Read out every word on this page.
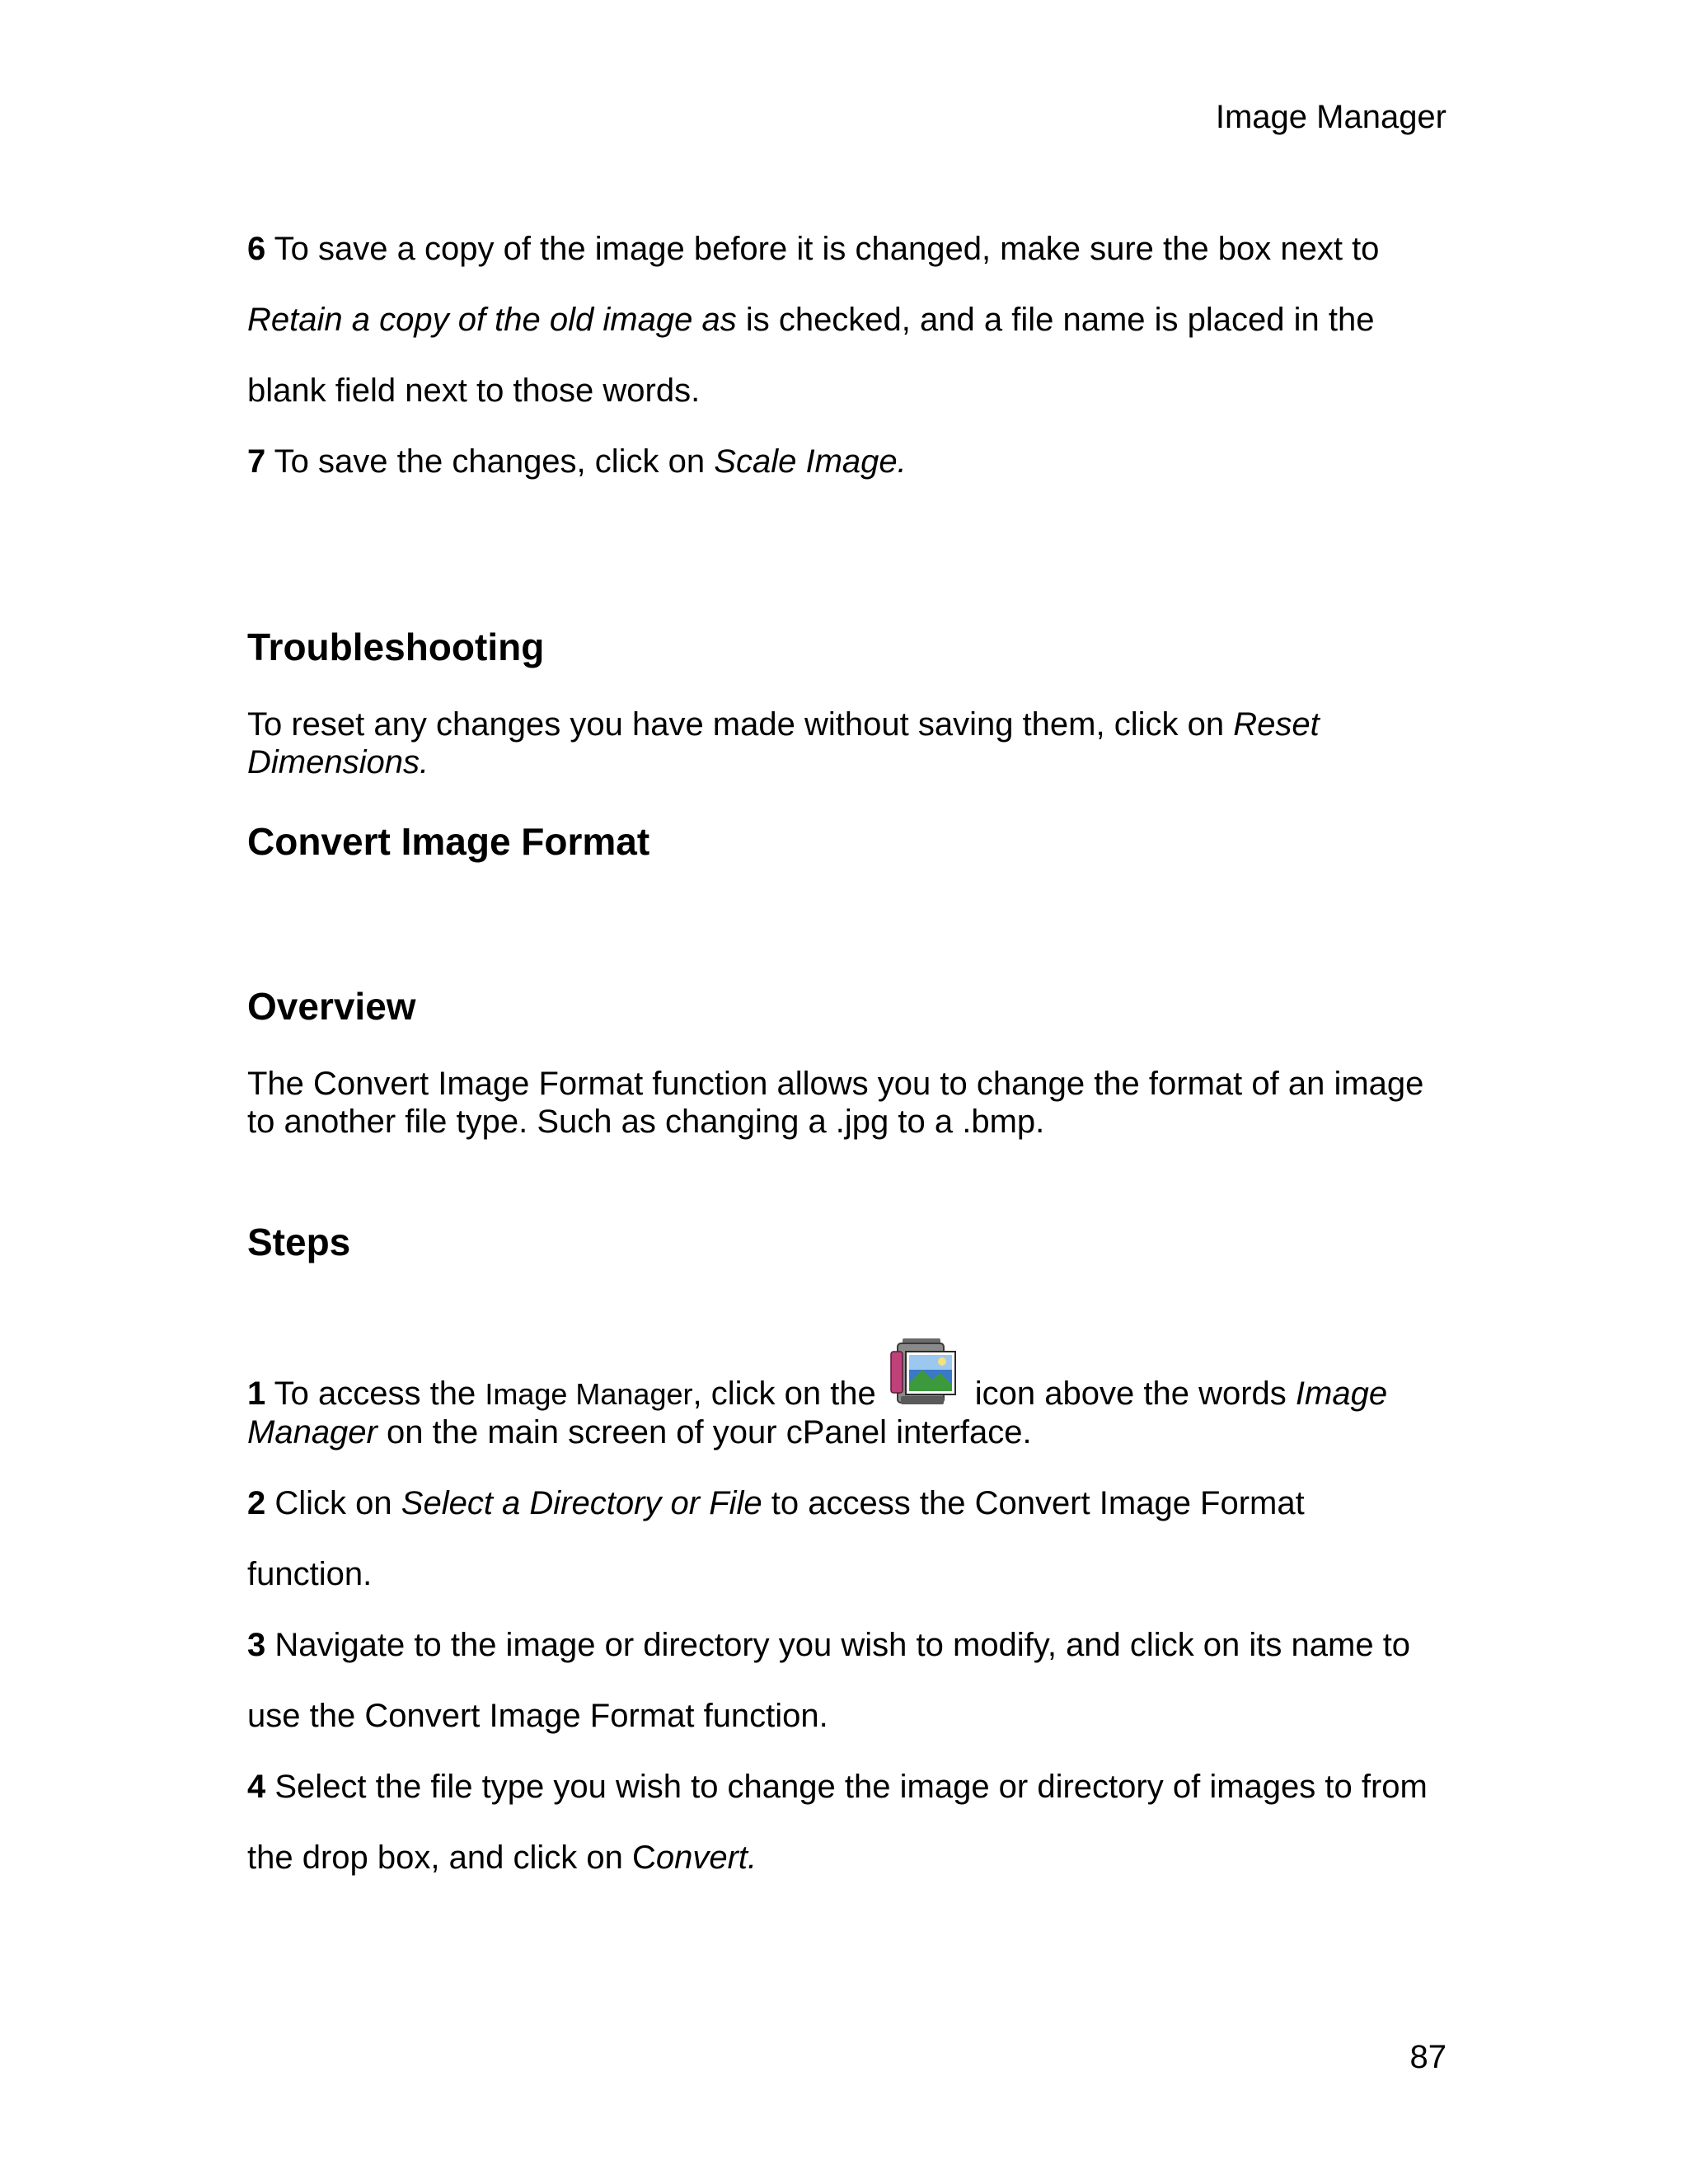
Image Manager
6 To save a copy of the image before it is changed, make sure the box next to
Retain a copy of the old image as is checked, and a file name is placed in the
blank field next to those words.
7 To save the changes, click on Scale Image.
Troubleshooting
To reset any changes you have made without saving them, click on Reset
Dimensions.
Convert Image Format
Overview
The Convert Image Format function allows you to change the format of an image
to another file type. Such as changing a .jpg to a .bmp.
Steps
1 To access the Image Manager, click on the	icon above the words Image
Manager on the main screen of your cPanel interface.
2 Click on Select a Directory or File to access the Convert Image Format
function.
3 Navigate to the image or directory you wish to modify, and click on its name to
use the Convert Image Format function.
4 Select the file type you wish to change the image or directory of images to from
the drop box, and click on Convert.
87
